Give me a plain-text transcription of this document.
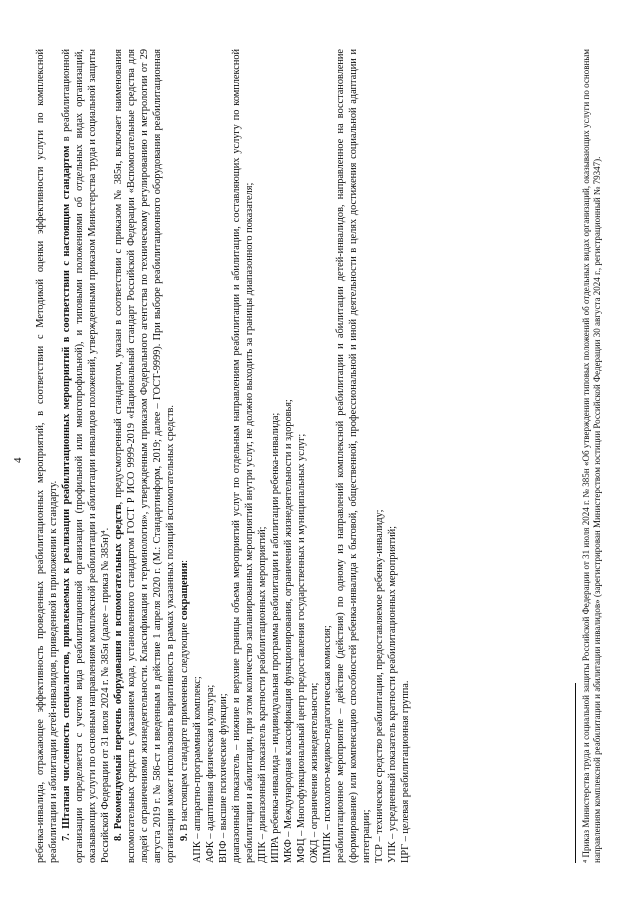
4 ребенка-инвалида, отражающее эффективность проведенных реабилитационных мероприятий, в соответствии с Методикой оценки эффективности услуги по комплексной реабилитации и абилитации детей-инвалидов, приведенной в приложении к стандарту. 7. Штатная численность специалистов, привлекаемых к реализации реабилитационных мероприятий в соответствии с настоящим стандартом в реабилитационной организации определяется с учетом вида реабилитационной организации (профильной или многопрофильной), и типовыми положениями об отдельных видах организаций, оказывающих услуги по основным направлениям комплексной реабилитации и абилитации инвалидов положений, утвержденными приказом Министерства труда и социальной защиты Российской Федерации от 31 июля 2024 г. № 385н (далее – приказ № 385н)⁴. 8. Рекомендуемый перечень оборудования и вспомогательных средств, предусмотренный стандартом, указан в соответствии с приказом № 385н, включает наименования вспомогательных средств с указанием кода, установленного стандартом ГОСТ Р ИСО 9999-2019 «Национальный стандарт Российской Федерации «Вспомогательные средства для людей с ограничениями жизнедеятельности. Классификация и терминология», утвержденным приказом Федерального агентства по техническому регулированию и метрологии от 29 августа 2019 г. № 586-ст и введенным в действие 1 апреля 2020 г. (М.: Стандартинформ, 2019; далее – ГОСТ-9999). При выборе реабилитационного оборудования реабилитационная организация может использовать вариативность в рамках указанных позиций вспомогательных средств. 9. В настоящем стандарте применены следующие сокращения:

АПК – аппаратно-программный комплекс; АФК – адаптивная физическая культура; ВПФ – высшие психические функции; диапазонный показатель – нижние и верхние границы объема мероприятий услуг по отдельным направлениям реабилитации и абилитации, составляющих услугу по комплексной реабилитации и абилитации, при этом количество запланированных мероприятий внутри услуг, не должно выходить за границы диапазонного показателя; ДПК – диапазонный показатель кратности реабилитационных мероприятий; ИПРА ребенка-инвалида – индивидуальная программа реабилитации и абилитации ребенка-инвалида; МКФ – Международная классификация функционирования, ограничений жизнедеятельности и здоровья; МФЦ – Многофункциональный центр предоставления государственных и муниципальных услуг; ОЖД – ограничения жизнедеятельности; ПМПК – психолого-медико-педагогическая комиссия; реабилитационное мероприятие – действие (действия) по одному из направлений комплексной реабилитации и абилитации детей-инвалидов, направленное на восстановление (формирование) или компенсацию способностей ребенка-инвалида к бытовой, общественной, профессиональной и иной деятельности в целях достижения социальной адаптации и интеграции; ТСР – техническое средство реабилитации, предоставляемое ребенку-инвалиду; УПК – усредненный показатель кратности реабилитационных мероприятий; ЦРГ – целевая реабилитационная группа.	⁴ Приказ Министерства труда и социальной защиты Российской Федерации от 31 июля 2024 г. № 385н «Об утверждении типовых положений об отдельных видах организаций, оказывающих услуги по основным направлениям комплексной реабилитации и абилитации инвалидов» (зарегистрирован Министерством юстиции Российской Федерации 30 августа 2024 г., регистрационный № 79347).
